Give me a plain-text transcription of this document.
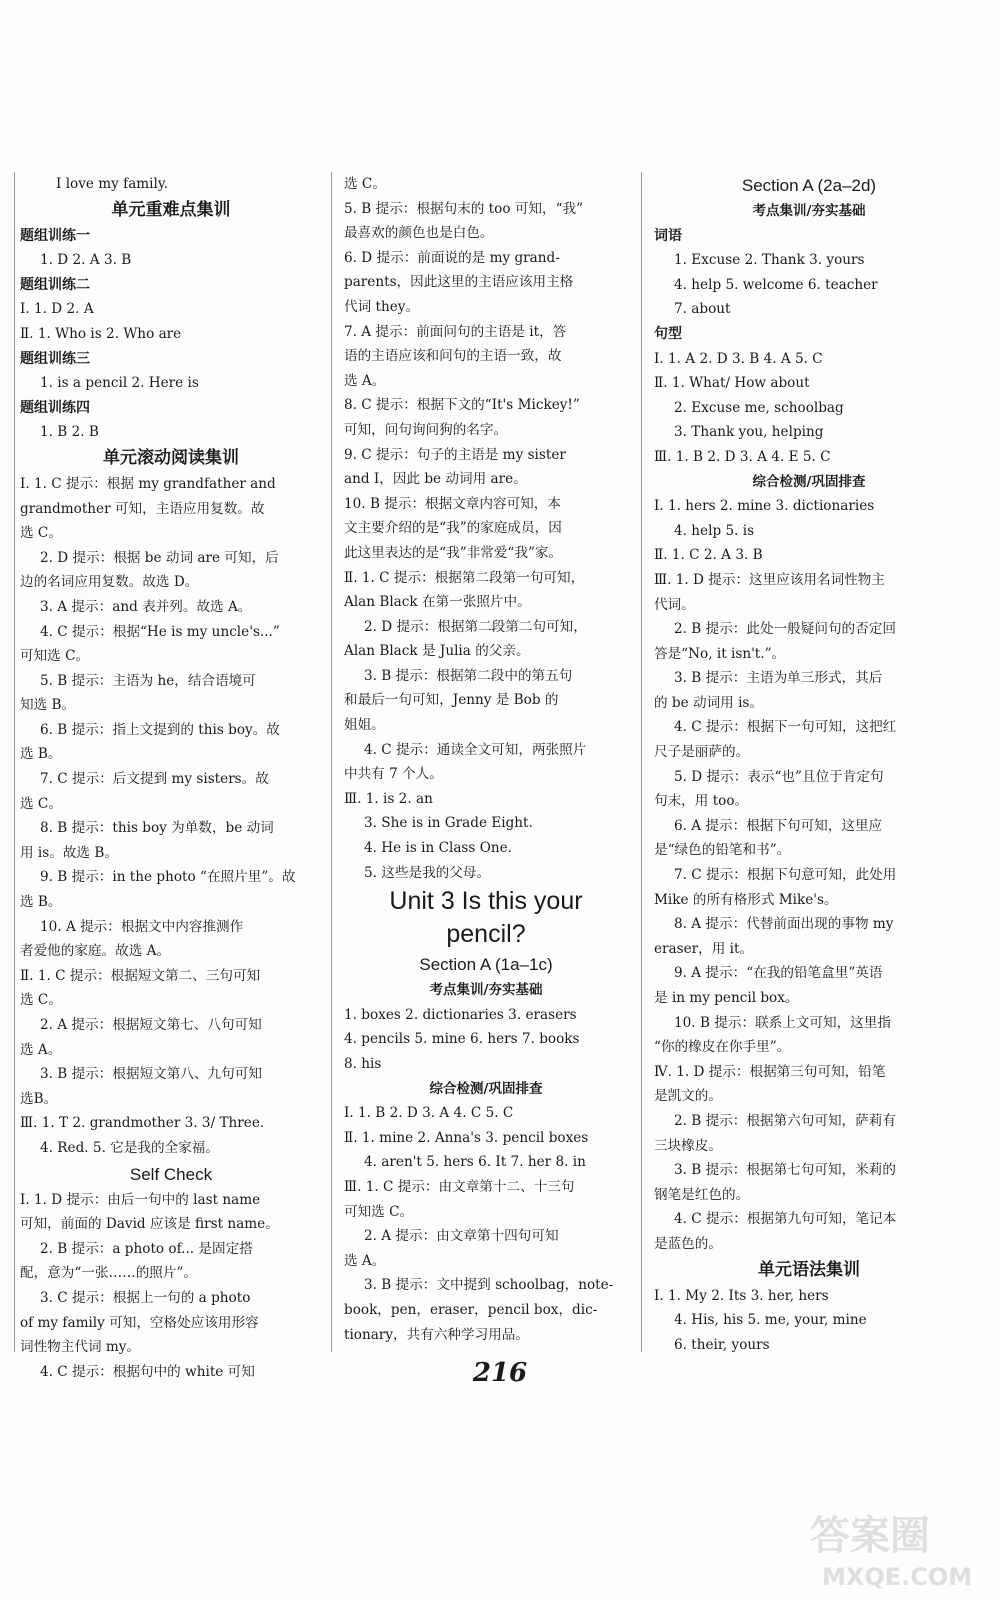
I love my family.
单元重难点集训
题组训练一
1. D 2. A 3. B
题组训练二
Ⅰ. 1. D 2. A
Ⅱ. 1. Who is 2. Who are
题组训练三
1. is a pencil 2. Here is
题组训练四
1. B 2. B
单元滚动阅读集训
Ⅰ. 1. C 提示：根据 my grandfather and
grandmother 可知，主语应用复数。故
选 C。
2. D 提示：根据 be 动词 are 可知，后
边的名词应用复数。故选 D。
3. A 提示：and 表并列。故选 A。
4. C 提示：根据“He is my uncle's...”
可知选 C。
5. B 提示：主语为 he，结合语境可
知选 B。
6. B 提示：指上文提到的 this boy。故
选 B。
7. C 提示：后文提到 my sisters。故
选 C。
8. B 提示：this boy 为单数，be 动词
用 is。故选 B。
9. B 提示：in the photo “在照片里”。故
选 B。
10. A 提示：根据文中内容推测作
者爱他的家庭。故选 A。
Ⅱ. 1. C 提示：根据短文第二、三句可知
选 C。
2. A 提示：根据短文第七、八句可知
选 A。
3. B 提示：根据短文第八、九句可知
选B。
Ⅲ. 1. T 2. grandmother 3. 3/ Three.
4. Red. 5. 它是我的全家福。
Self Check
Ⅰ. 1. D 提示：由后一句中的 last name
可知，前面的 David 应该是 first name。
2. B 提示：a photo of... 是固定搭
配，意为“一张……的照片”。
3. C 提示：根据上一句的 a photo
of my family 可知，空格处应该用形容
词性物主代词 my。
4. C 提示：根据句中的 white 可知
选 C。
5. B 提示：根据句末的 too 可知，“我”
最喜欢的颜色也是白色。
6. D 提示：前面说的是 my grand-
parents，因此这里的主语应该用主格
代词 they。
7. A 提示：前面问句的主语是 it，答
语的主语应该和问句的主语一致，故
选 A。
8. C 提示：根据下文的“It's Mickey!”
可知，问句询问狗的名字。
9. C 提示：句子的主语是 my sister
and I，因此 be 动词用 are。
10. B 提示：根据文章内容可知，本
文主要介绍的是“我”的家庭成员，因
此这里表达的是“我”非常爱“我”家。
Ⅱ. 1. C 提示：根据第二段第一句可知，
Alan Black 在第一张照片中。
2. D 提示：根据第二段第二句可知，
Alan Black 是 Julia 的父亲。
3. B 提示：根据第二段中的第五句
和最后一句可知，Jenny 是 Bob 的
姐姐。
4. C 提示：通读全文可知，两张照片
中共有 7 个人。
Ⅲ. 1. is 2. an
3. She is in Grade Eight.
4. He is in Class One.
5. 这些是我的父母。
Unit 3 Is this your
pencil?
Section A (1a–1c)
考点集训/夯实基础
1. boxes 2. dictionaries 3. erasers
4. pencils 5. mine 6. hers 7. books
8. his
综合检测/巩固排查
Ⅰ. 1. B 2. D 3. A 4. C 5. C
Ⅱ. 1. mine 2. Anna's 3. pencil boxes
4. aren't 5. hers 6. It 7. her 8. in
Ⅲ. 1. C 提示：由文章第十二、十三句
可知选 C。
2. A 提示：由文章第十四句可知
选 A。
3. B 提示：文中提到 schoolbag，note-
book，pen，eraser，pencil box，dic-
tionary，共有六种学习用品。
Section A (2a–2d)
考点集训/夯实基础
词语
1. Excuse 2. Thank 3. yours
4. help 5. welcome 6. teacher
7. about
句型
Ⅰ. 1. A 2. D 3. B 4. A 5. C
Ⅱ. 1. What/ How about
2. Excuse me, schoolbag
3. Thank you, helping
Ⅲ. 1. B 2. D 3. A 4. E 5. C
综合检测/巩固排查
Ⅰ. 1. hers 2. mine 3. dictionaries
4. help 5. is
Ⅱ. 1. C 2. A 3. B
Ⅲ. 1. D 提示：这里应该用名词性物主
代词。
2. B 提示：此处一般疑问句的否定回
答是“No, it isn't.”。
3. B 提示：主语为单三形式，其后
的 be 动词用 is。
4. C 提示：根据下一句可知，这把红
尺子是丽萨的。
5. D 提示：表示“也”且位于肯定句
句末，用 too。
6. A 提示：根据下句可知，这里应
是“绿色的铅笔和书”。
7. C 提示：根据下句意可知，此处用
Mike 的所有格形式 Mike's。
8. A 提示：代替前面出现的事物 my
eraser，用 it。
9. A 提示：“在我的铅笔盒里”英语
是 in my pencil box。
10. B 提示：联系上文可知，这里指
“你的橡皮在你手里”。
Ⅳ. 1. D 提示：根据第三句可知，铅笔
是凯文的。
2. B 提示：根据第六句可知，萨莉有
三块橡皮。
3. B 提示：根据第七句可知，米莉的
钢笔是红色的。
4. C 提示：根据第九句可知，笔记本
是蓝色的。
单元语法集训
Ⅰ. 1. My 2. Its 3. her, hers
4. His, his 5. me, your, mine
6. their, yours
216
答案圈
MXQE.COM
